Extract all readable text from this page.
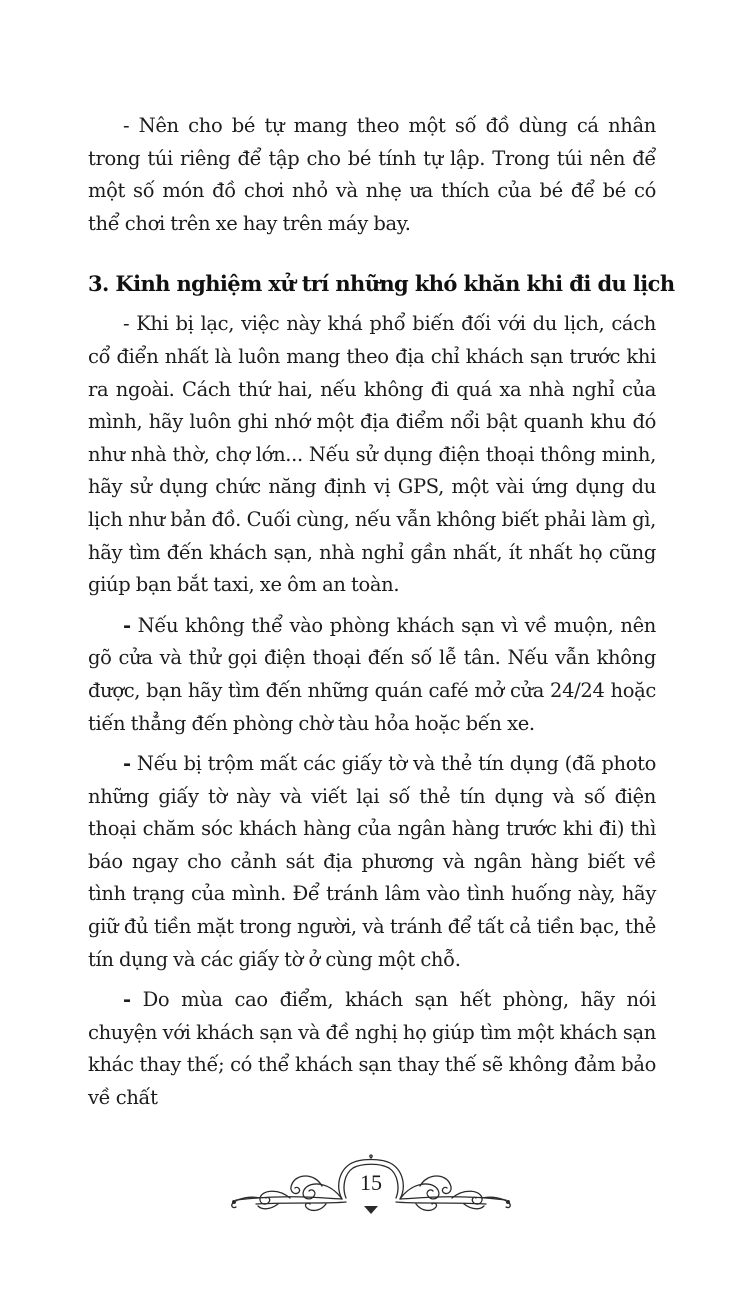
- Nên cho bé tự mang theo một số đồ dùng cá nhân trong túi riêng để tập cho bé tính tự lập. Trong túi nên để một số món đồ chơi nhỏ và nhẹ ưa thích của bé để bé có thể chơi trên xe hay trên máy bay.

3. Kinh nghiệm xử trí những khó khăn khi đi du lịch

- Khi bị lạc, việc này khá phổ biến đối với du lịch, cách cổ điển nhất là luôn mang theo địa chỉ khách sạn trước khi ra ngoài. Cách thứ hai, nếu không đi quá xa nhà nghỉ của mình, hãy luôn ghi nhớ một địa điểm nổi bật quanh khu đó như nhà thờ, chợ lớn... Nếu sử dụng điện thoại thông minh, hãy sử dụng chức năng định vị GPS, một vài ứng dụng du lịch như bản đồ. Cuối cùng, nếu vẫn không biết phải làm gì, hãy tìm đến khách sạn, nhà nghỉ gần nhất, ít nhất họ cũng giúp bạn bắt taxi, xe ôm an toàn.

- Nếu không thể vào phòng khách sạn vì về muộn, nên gõ cửa và thử gọi điện thoại đến số lễ tân. Nếu vẫn không được, bạn hãy tìm đến những quán café mở cửa 24/24 hoặc tiến thẳng đến phòng chờ tàu hỏa hoặc bến xe.

- Nếu bị trộm mất các giấy tờ và thẻ tín dụng (đã photo những giấy tờ này và viết lại số thẻ tín dụng và số điện thoại chăm sóc khách hàng của ngân hàng trước khi đi) thì báo ngay cho cảnh sát địa phương và ngân hàng biết về tình trạng của mình. Để tránh lâm vào tình huống này, hãy giữ đủ tiền mặt trong người, và tránh để tất cả tiền bạc, thẻ tín dụng và các giấy tờ ở cùng một chỗ.

- Do mùa cao điểm, khách sạn hết phòng, hãy nói chuyện với khách sạn và đề nghị họ giúp tìm một khách sạn khác thay thế; có thể khách sạn thay thế sẽ không đảm bảo về chất

15
